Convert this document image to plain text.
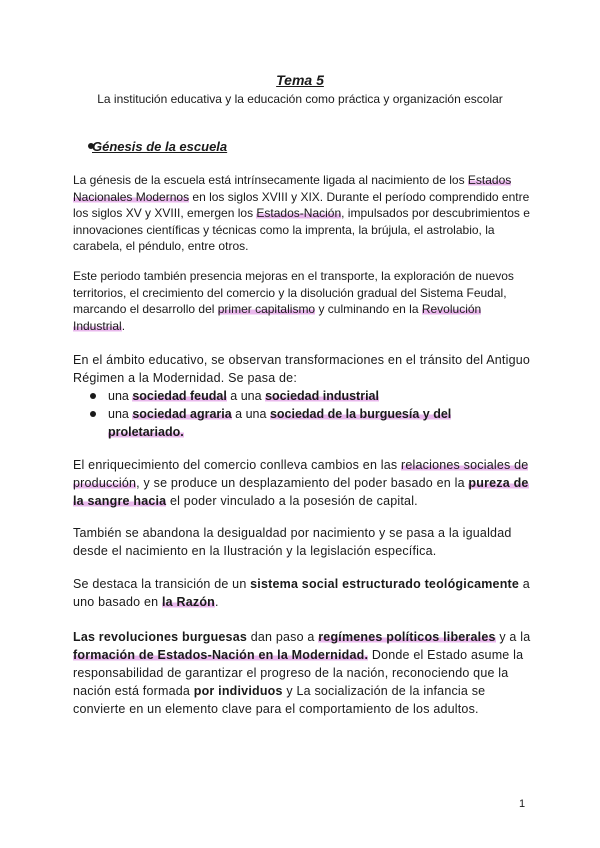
Tema 5
La institución educativa y la educación como práctica y organización escolar
Génesis de la escuela
La génesis de la escuela está intrínsecamente ligada al nacimiento de los Estados Nacionales Modernos en los siglos XVIII y XIX. Durante el período comprendido entre los siglos XV y XVIII, emergen los Estados-Nación, impulsados por descubrimientos e innovaciones científicas y técnicas como la imprenta, la brújula, el astrolabio, la carabela, el péndulo, entre otros.
Este periodo también presencia mejoras en el transporte, la exploración de nuevos territorios, el crecimiento del comercio y la disolución gradual del Sistema Feudal, marcando el desarrollo del primer capitalismo y culminando en la Revolución Industrial.
En el ámbito educativo, se observan transformaciones en el tránsito del Antiguo Régimen a la Modernidad. Se pasa de:
una sociedad feudal a una sociedad industrial
una sociedad agraria a una sociedad de la burguesía y del proletariado.
El enriquecimiento del comercio conlleva cambios en las relaciones sociales de producción, y se produce un desplazamiento del poder basado en la pureza de la sangre hacia el poder vinculado a la posesión de capital.
También se abandona la desigualdad por nacimiento y se pasa a la igualdad desde el nacimiento en la Ilustración y la legislación específica.
Se destaca la transición de un sistema social estructurado teológicamente a uno basado en la Razón.
Las revoluciones burguesas dan paso a regímenes políticos liberales y a la formación de Estados-Nación en la Modernidad. Donde el Estado asume la responsabilidad de garantizar el progreso de la nación, reconociendo que la nación está formada por individuos y La socialización de la infancia se convierte en un elemento clave para el comportamiento de los adultos.
1
